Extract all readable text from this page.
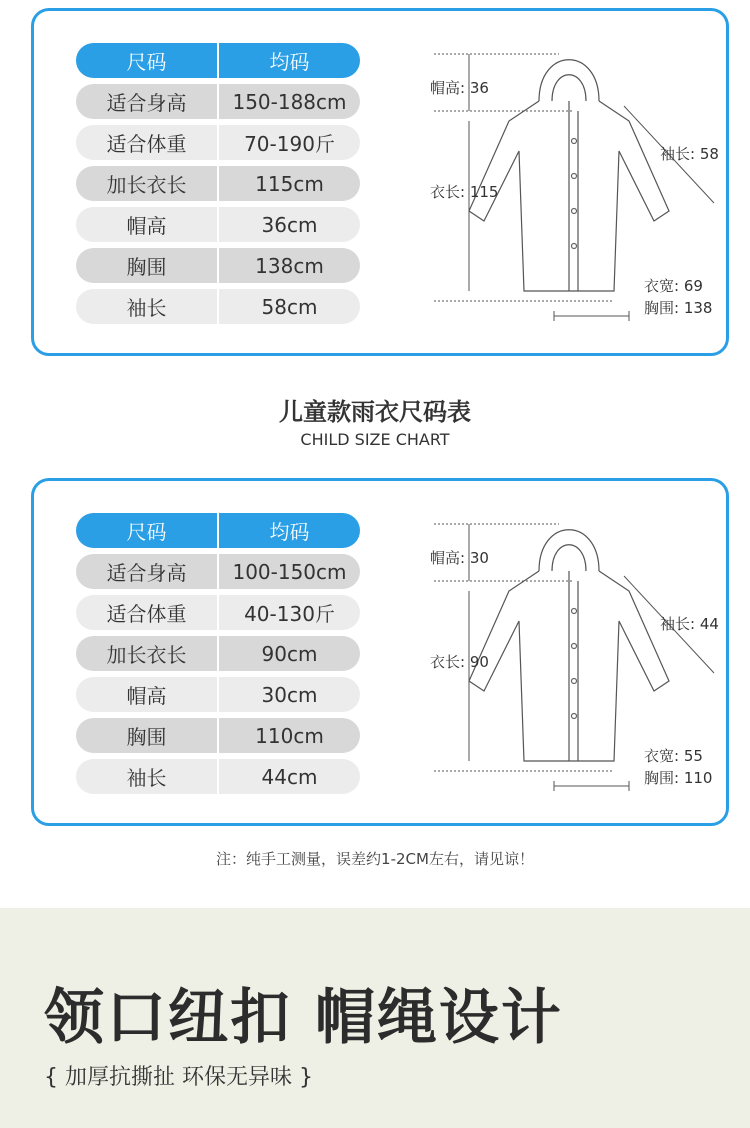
尺码	均码
适合身高	150-188cm
适合体重	70-190斤
加长衣长	115cm
帽高	36cm
胸围	138cm
袖长	58cm
帽高: 36
衣长: 115
袖长: 58
衣宽: 69
胸围: 138
儿童款雨衣尺码表
CHILD SIZE CHART
尺码	均码
适合身高	100-150cm
适合体重	40-130斤
加长衣长	90cm
帽高	30cm
胸围	110cm
袖长	44cm
帽高: 30
衣长: 90
袖长: 44
衣宽: 55
胸围: 110
注：纯手工测量，误差约1-2CM左右，请见谅！
领口纽扣 帽绳设计
{ 加厚抗撕扯 环保无异味 }
